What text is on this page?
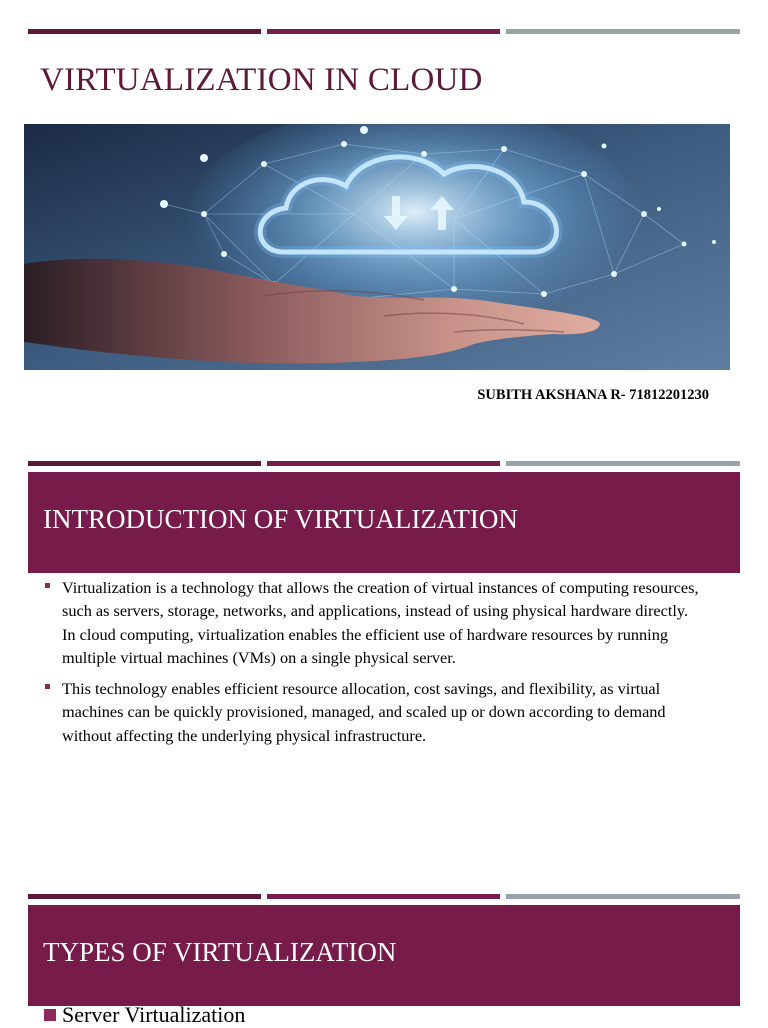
VIRTUALIZATION IN CLOUD
SUBITH AKSHANA R- 71812201230
INTRODUCTION OF VIRTUALIZATION
Virtualization is a technology that allows the creation of virtual instances of computing resources, such as servers, storage, networks, and applications, instead of using physical hardware directly. In cloud computing, virtualization enables the efficient use of hardware resources by running multiple virtual machines (VMs) on a single physical server.
This technology enables efficient resource allocation, cost savings, and flexibility, as virtual machines can be quickly provisioned, managed, and scaled up or down according to demand without affecting the underlying physical infrastructure.
TYPES OF VIRTUALIZATION
Server Virtualization
